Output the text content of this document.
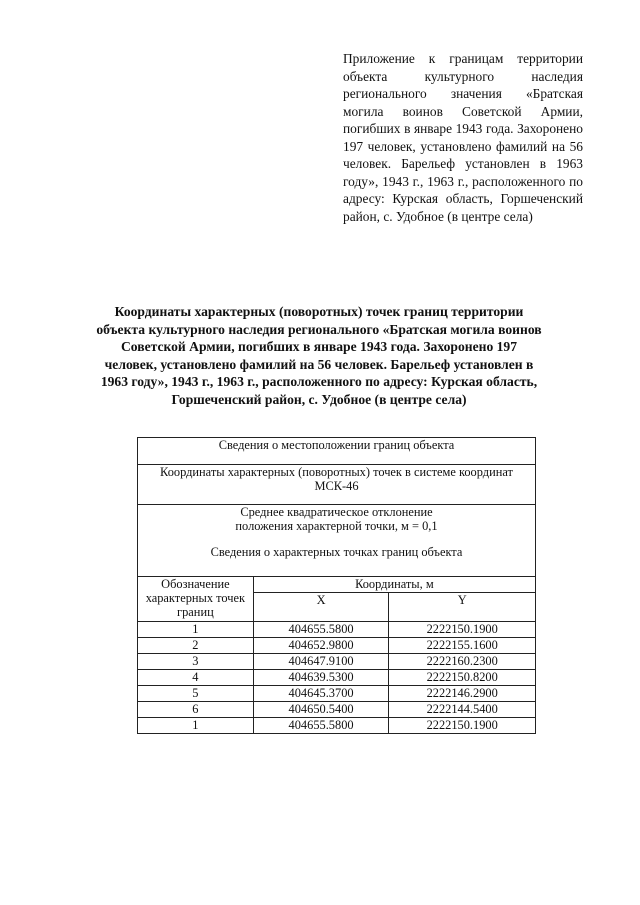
Приложение к границам территории объекта культурного наследия регионального значения «Братская могила воинов Советской Армии, погибших в январе 1943 года. Захоронено 197 человек, установлено фамилий на 56 человек. Барельеф установлен в 1963 году», 1943 г., 1963 г., расположенного по адресу: Курская область, Горшеченский район, с. Удобное (в центре села)
Координаты характерных (поворотных) точек границ территории объекта культурного наследия регионального «Братская могила воинов Советской Армии, погибших в январе 1943 года. Захоронено 197 человек, установлено фамилий на 56 человек. Барельеф установлен в 1963 году», 1943 г., 1963 г., расположенного по адресу: Курская область, Горшеченский район, с. Удобное (в центре села)
Сведения о местоположении границ объекта		
Координаты характерных (поворотных) точек в системе координат МСК-46		
Среднее квадратическое отклонение
положения характерной точки, м = 0,1
Сведения о характерных точках границ объекта		
Обозначение характерных точек границ	Координаты, м	
	X	Y
1	404655.5800	2222150.1900
2	404652.9800	2222155.1600
3	404647.9100	2222160.2300
4	404639.5300	2222150.8200
5	404645.3700	2222146.2900
6	404650.5400	2222144.5400
1	404655.5800	2222150.1900
